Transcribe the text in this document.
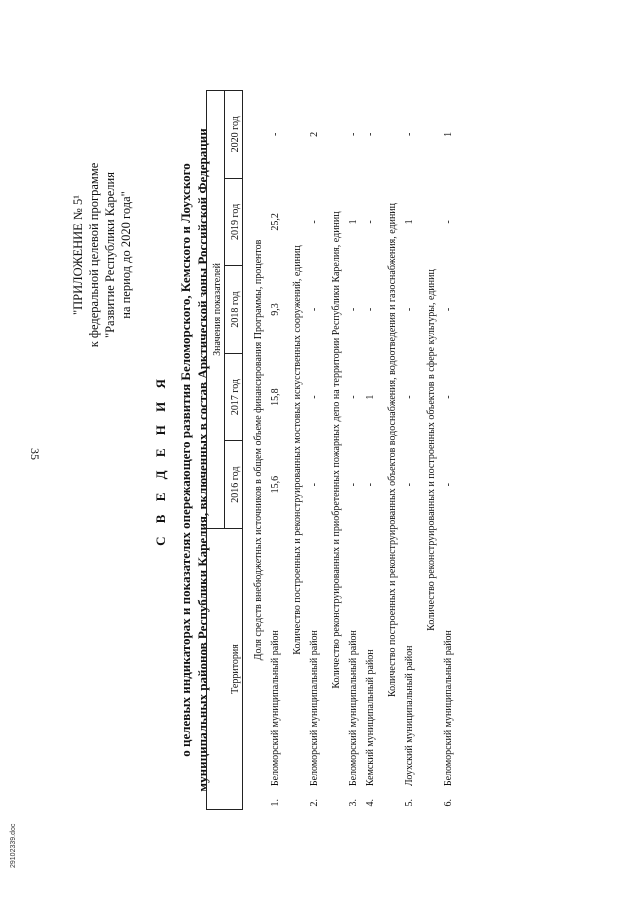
35
"ПРИЛОЖЕНИЕ № 5¹ к федеральной целевой программе "Развитие Республики Карелия на период до 2020 года"
С В Е Д Е Н И Я о целевых индикаторах и показателях опережающего развития Беломорского, Кемского и Лоухского муниципальных районов Республики Карелия, включенных в состав Арктической зоны Российской Федерации Территория		Значения показателей				
		2016 год	2017 год	2018 год	2019 год	2020 год
Доля средств внебюджетных источников в общем объеме финансирования Программы, процентов						
1.	Беломорский муниципальный район	15,6	15,8	9,3	25,2	-
Количество построенных и реконструированных мостовых искусственных сооружений, единиц						
2.	Беломорский муниципальный район	-	-	-	-	2
Количество реконструированных и приобретенных пожарных депо на территории Республики Карелия, единиц						
3.	Беломорский муниципальный район	-	-	-	1	-
4.	Кемский муниципальный район	-	1	-	-	-
Количество построенных и реконструированных объектов водоснабжения, водоотведения и газоснабжения, единиц						
5.	Лоухский муниципальный район	-	-	-	1	-
Количество реконструированных и построенных объектов в сфере культуры, единиц						
6.	Беломорский муниципальный район	-	-	-	-	1
29102339.doc
